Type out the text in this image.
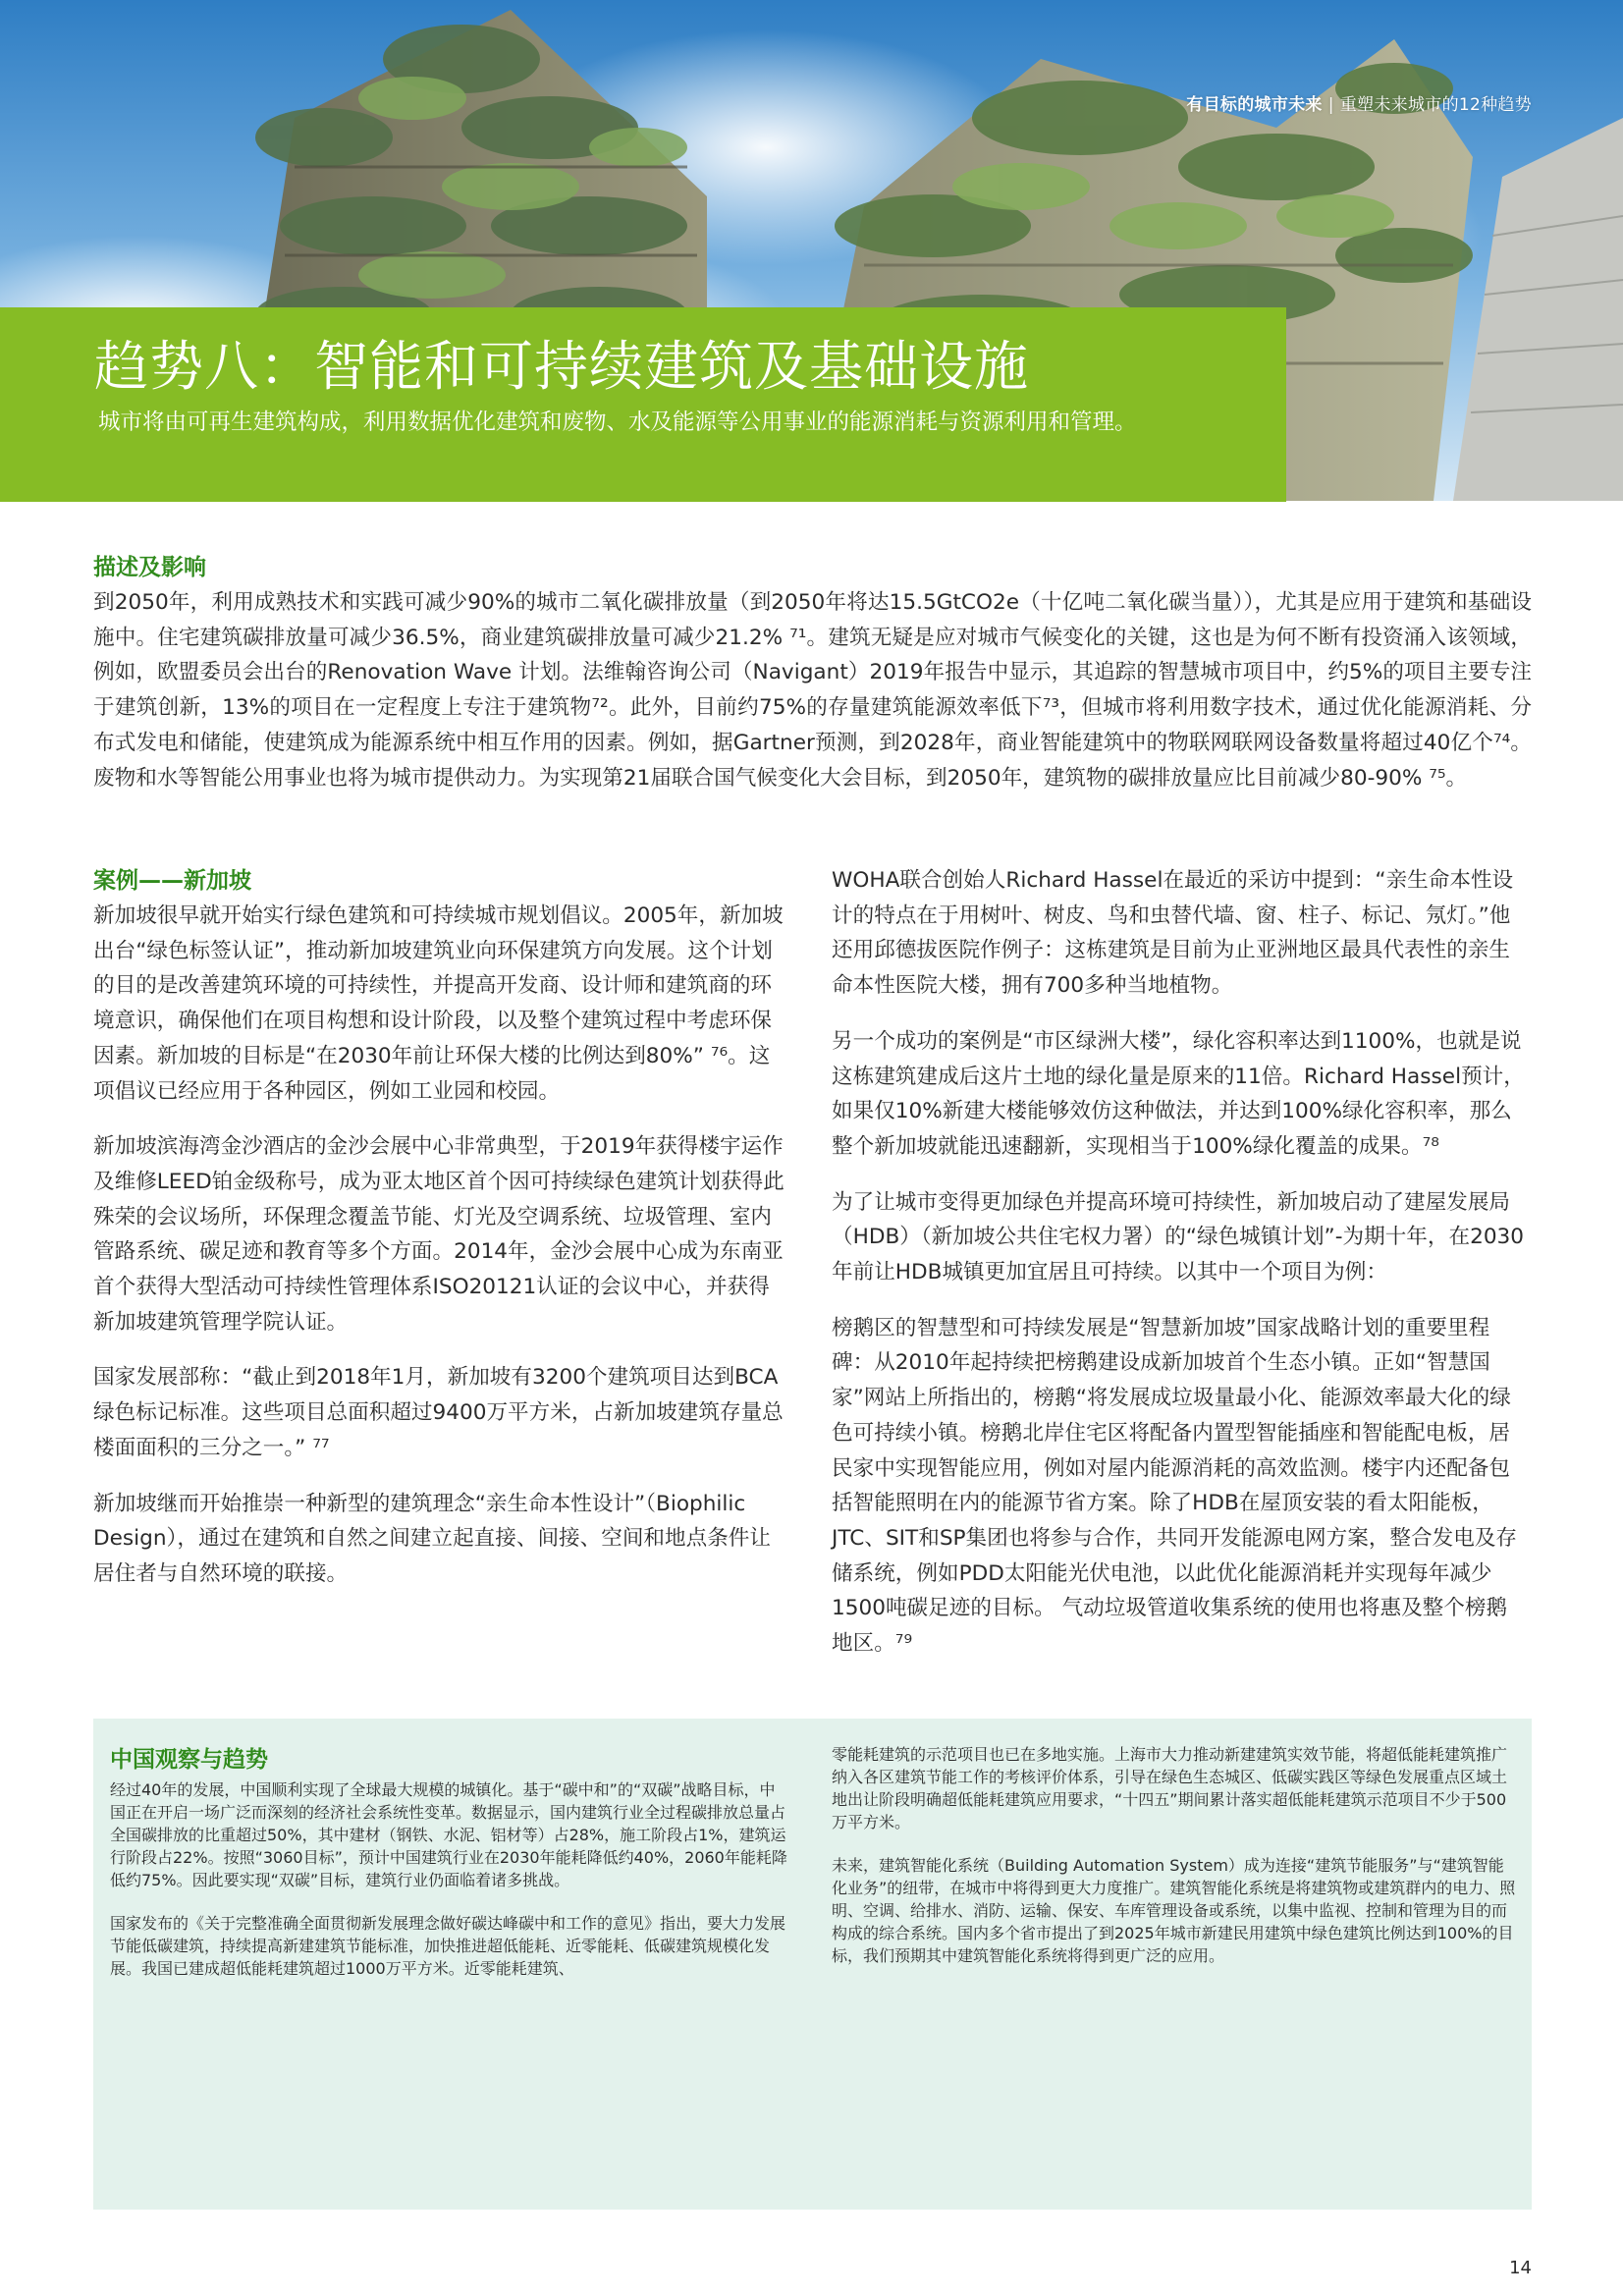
有目标的城市未来 | 重塑未来城市的12种趋势
趋势八：智能和可持续建筑及基础设施

城市将由可再生建筑构成，利用数据优化建筑和废物、水及能源等公用事业的能源消耗与资源利用和管理。

描述及影响

到2050年，利用成熟技术和实践可减少90%的城市二氧化碳排放量（到2050年将达15.5GtCO2e（十亿吨二氧化碳当量）），尤其是应用于建筑和基础设施中。住宅建筑碳排放量可减少36.5%，商业建筑碳排放量可减少21.2% ⁷¹。建筑无疑是应对城市气候变化的关键，这也是为何不断有投资涌入该领域，例如，欧盟委员会出台的Renovation Wave 计划。法维翰咨询公司（Navigant）2019年报告中显示，其追踪的智慧城市项目中，约5%的项目主要专注于建筑创新，13%的项目在一定程度上专注于建筑物⁷²。此外，目前约75%的存量建筑能源效率低下⁷³，但城市将利用数字技术，通过优化能源消耗、分布式发电和储能，使建筑成为能源系统中相互作用的因素。例如，据Gartner预测，到2028年，商业智能建筑中的物联网联网设备数量将超过40亿个⁷⁴。废物和水等智能公用事业也将为城市提供动力。为实现第21届联合国气候变化大会目标，到2050年，建筑物的碳排放量应比目前减少80-90% ⁷⁵。

案例——新加坡

新加坡很早就开始实行绿色建筑和可持续城市规划倡议。2005年，新加坡出台“绿色标签认证”，推动新加坡建筑业向环保建筑方向发展。这个计划的目的是改善建筑环境的可持续性，并提高开发商、设计师和建筑商的环境意识，确保他们在项目构想和设计阶段，以及整个建筑过程中考虑环保因素。新加坡的目标是“在2030年前让环保大楼的比例达到80%” ⁷⁶。这项倡议已经应用于各种园区，例如工业园和校园。

新加坡滨海湾金沙酒店的金沙会展中心非常典型，于2019年获得楼宇运作及维修LEED铂金级称号，成为亚太地区首个因可持续绿色建筑计划获得此殊荣的会议场所，环保理念覆盖节能、灯光及空调系统、垃圾管理、室内管路系统、碳足迹和教育等多个方面。2014年，金沙会展中心成为东南亚首个获得大型活动可持续性管理体系ISO20121认证的会议中心，并获得新加坡建筑管理学院认证。

国家发展部称：“截止到2018年1月，新加坡有3200个建筑项目达到BCA绿色标记标准。这些项目总面积超过9400万平方米，占新加坡建筑存量总楼面面积的三分之一。” ⁷⁷

新加坡继而开始推崇一种新型的建筑理念“亲生命本性设计”（Biophilic Design），通过在建筑和自然之间建立起直接、间接、空间和地点条件让居住者与自然环境的联接。

WOHA联合创始人Richard Hassel在最近的采访中提到：“亲生命本性设计的特点在于用树叶、树皮、鸟和虫替代墙、窗、柱子、标记、氖灯。”他还用邱德拔医院作例子：这栋建筑是目前为止亚洲地区最具代表性的亲生命本性医院大楼，拥有700多种当地植物。

另一个成功的案例是“市区绿洲大楼”，绿化容积率达到1100%，也就是说这栋建筑建成后这片土地的绿化量是原来的11倍。Richard Hassel预计，如果仅10%新建大楼能够效仿这种做法，并达到100%绿化容积率，那么整个新加坡就能迅速翻新，实现相当于100%绿化覆盖的成果。⁷⁸

为了让城市变得更加绿色并提高环境可持续性，新加坡启动了建屋发展局（HDB）（新加坡公共住宅权力署）的“绿色城镇计划”-为期十年，在2030年前让HDB城镇更加宜居且可持续。以其中一个项目为例：

榜鹅区的智慧型和可持续发展是“智慧新加坡”国家战略计划的重要里程碑：从2010年起持续把榜鹅建设成新加坡首个生态小镇。正如“智慧国家”网站上所指出的，榜鹅“将发展成垃圾量最小化、能源效率最大化的绿色可持续小镇。榜鹅北岸住宅区将配备内置型智能插座和智能配电板，居民家中实现智能应用，例如对屋内能源消耗的高效监测。楼宇内还配备包括智能照明在内的能源节省方案。除了HDB在屋顶安装的看太阳能板，JTC、SIT和SP集团也将参与合作，共同开发能源电网方案，整合发电及存储系统，例如PDD太阳能光伏电池，以此优化能源消耗并实现每年减少1500吨碳足迹的目标。 气动垃圾管道收集系统的使用也将惠及整个榜鹅地区。⁷⁹

中国观察与趋势

经过40年的发展，中国顺利实现了全球最大规模的城镇化。基于“碳中和”的“双碳”战略目标，中国正在开启一场广泛而深刻的经济社会系统性变革。数据显示，国内建筑行业全过程碳排放总量占全国碳排放的比重超过50%，其中建材（钢铁、水泥、铝材等）占28%，施工阶段占1%，建筑运行阶段占22%。按照“3060目标”，预计中国建筑行业在2030年能耗降低约40%，2060年能耗降低约75%。因此要实现“双碳”目标，建筑行业仍面临着诸多挑战。

国家发布的《关于完整准确全面贯彻新发展理念做好碳达峰碳中和工作的意见》指出，要大力发展节能低碳建筑，持续提高新建建筑节能标准，加快推进超低能耗、近零能耗、低碳建筑规模化发展。我国已建成超低能耗建筑超过1000万平方米。近零能耗建筑、

零能耗建筑的示范项目也已在多地实施。上海市大力推动新建建筑实效节能，将超低能耗建筑推广纳入各区建筑节能工作的考核评价体系，引导在绿色生态城区、低碳实践区等绿色发展重点区域土地出让阶段明确超低能耗建筑应用要求，“十四五”期间累计落实超低能耗建筑示范项目不少于500万平方米。

未来，建筑智能化系统（Building Automation System）成为连接“建筑节能服务”与“建筑智能化业务”的纽带，在城市中将得到更大力度推广。建筑智能化系统是将建筑物或建筑群内的电力、照明、空调、给排水、消防、运输、保安、车库管理设备或系统，以集中监视、控制和管理为目的而构成的综合系统。国内多个省市提出了到2025年城市新建民用建筑中绿色建筑比例达到100%的目标，我们预期其中建筑智能化系统将得到更广泛的应用。

14
